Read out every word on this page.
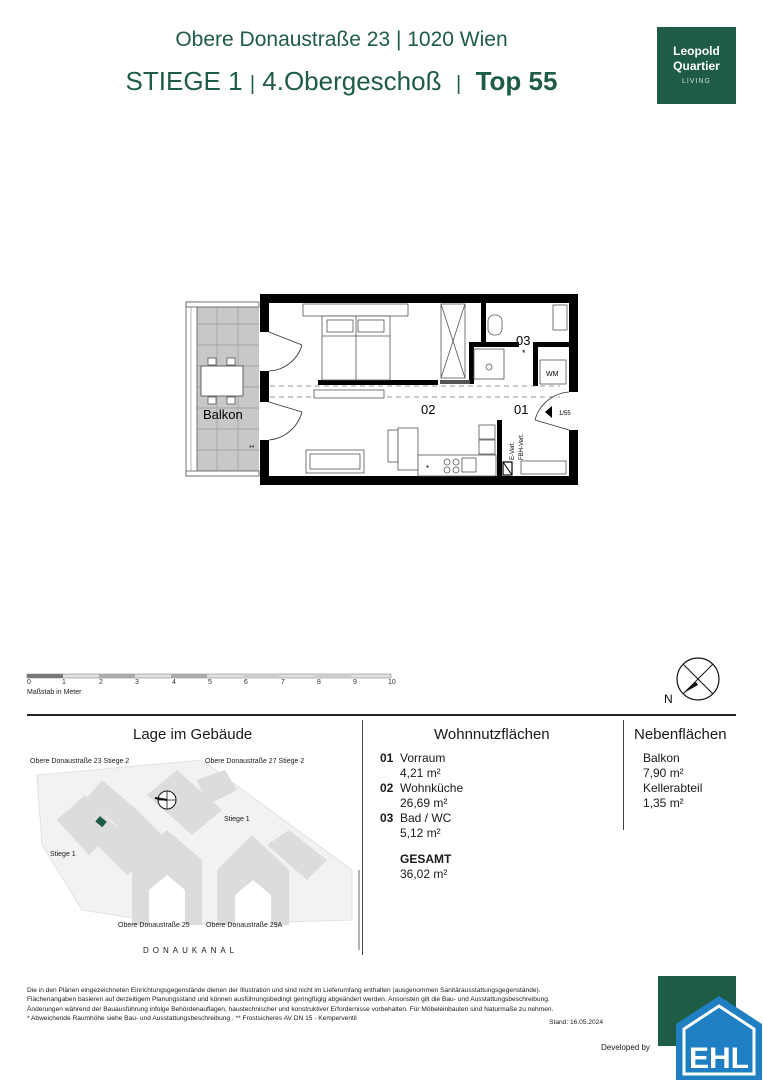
Obere Donaustraße 23 | 1020 Wien
STIEGE 1 | 4.Obergeschoß | Top 55
Leopold
Quartier
LIVING
Balkon
**
03
*
WM
1/55
02	01
*
E-Vert. FBH-Vert.
0	1	2	3	4	5	6	7	8	9	10
Maßstab in Meter	N
Lage im Gebäude	Wohnnutzflächen	Nebenflächen
Obere Donaustraße 23 Stiege 2	Obere Donaustraße 27 Stiege 2
Stiege 1
Stiege 1
Obere Donaustraße 25 Obere Donaustraße 29A
DONAUKANAL
01 Vorraum
4,21 m²
02 Wohnküche
26,69 m²
03 Bad / WC
5,12 m²
GESAMT
36,02 m²
Balkon
7,90 m²
Kellerabteil
1,35 m²
Die in den Plänen eingezeichneten Einrichtungsgegenstände dienen der Illustration und sind nicht im Lieferumfang enthalten (ausgenommen Sanitärausstattungsgegenstände).
Flächenangaben basieren auf derzeitigem Planungsstand und können ausführungsbedingt geringfügig abgeändert werden. Ansonsten gilt die Bau- und Ausstattungsbeschreibung.
Änderungen während der Bauausführung infolge Behördenauflagen, haustechnischer und konstruktiver Erfordernisse vorbehalten. Für Möbeleinbauten sind Naturmaße zu nehmen.
* Abweichende Raumhöhe siehe Bau- und Ausstattungsbeschreibung . ** Frostsicheres AV DN 15 - Kemperventil
Stand: 16.05.2024
Developed by EHL
